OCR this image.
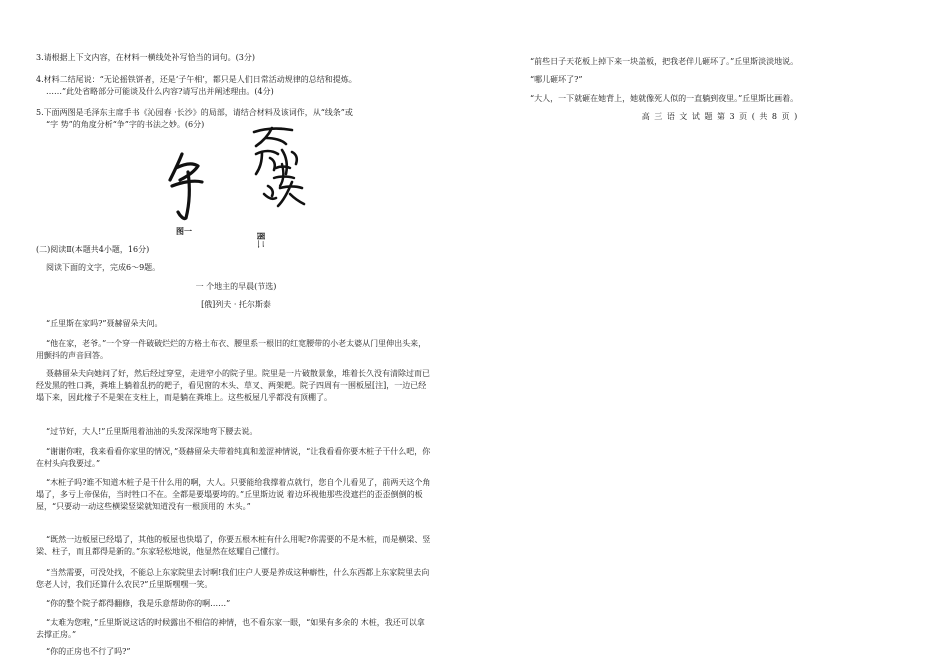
3.请根据上下文内容，在材料一横线处补写恰当的词句。(3分)

4.材料二结尾说：“无论摇铁饼者，还是‘子午相’，都只是人们日常活动规律的总结和提炼。

……”此处省略部分可能谈及什么内容?请写出并阐述理由。(4分)

5.下面两图是毛泽东主席手书《沁园春 ·长沙》的局部，请结合材料及该词作，从“线条”或

“字 势”的角度分析“争”字的书法之妙。(6分)

图一
图二

(二)阅读Ⅱ(本题共4小题，16分)

阅读下面的文字，完成6～9题。

一 个地主的早晨(节选)

[俄]列夫 · 托尔斯泰

“丘里斯在家吗?”聂赫留朵夫问。

“他在家，老爷。”一个穿一件破破烂烂的方格土布衣、腰里系一根旧的红宽腰带的小老太婆从门里伸出头来，用颤抖的声音回答。

聂赫留朵夫向她问了好，然后经过穿堂，走进窄小的院子里。院里是一片破散景象，堆着长久没有清除过而已经发黑的牲口粪，粪堆上躺着乱扔的耙子，看见窗的木头、草叉、两架耙。院子四周有一围板屋[注]，一边已经塌下来，因此椽子不是架在支柱上，而是躺在粪堆上。这些板屋几乎都没有顶棚了。

“过节好，大人!”丘里斯甩着油油的头发深深地弯下腰去说。

“谢谢你啦，我来看看你家里的情况，”聂赫留朵夫带着纯真和羞涩神情说，“让我看看你要木桩子干什么吧，你在村头向我要过。”

“木桩子吗?谁不知道木桩子是干什么用的啊，大人。只要能给我撑着点就行，您自个儿看见了，前两天这个角塌了，多亏上帝保佑，当时牲口不在。全都是要塌要垮的。”丘里斯边说 着边环视他那些没遮拦的歪歪倒倒的板屋，“只要动一动这些横梁竖梁就知道没有一根顶用的 木头。”

“既然一边板屋已经塌了，其他的板屋也快塌了，你要五根木桩有什么用呢?你需要的不是木桩，而是横梁、竖梁、柱子，而且都得是新的。”东家轻松地说，他显然在炫耀自己懂行。

“当然需要，可没处找，不能总上东家院里去讨啊!我们庄户人要是养成这种癖性，什么东西都上东家院里去向您老人讨，我们还算什么农民?”丘里斯嘿嘿一笑。

“你的整个院子都得翻修，我是乐意帮助你的啊……”

“太难为您啦，”丘里斯说这话的时候露出不相信的神情，也不看东家一眼，“如果有多余的 木桩，我还可以拿去撑正房。”

“你的正房也不行了吗?”

“前些日子天花板上掉下来一块盖板，把我老伴儿砸坏了。”丘里斯淡淡地说。

“哪儿砸坏了?”

“大人，一下就砸在她背上，她就像死人似的一直躺到夜里。”丘里斯比画着。

高 三 语 文 试 题 第 3 页 ( 共 8 页 )
